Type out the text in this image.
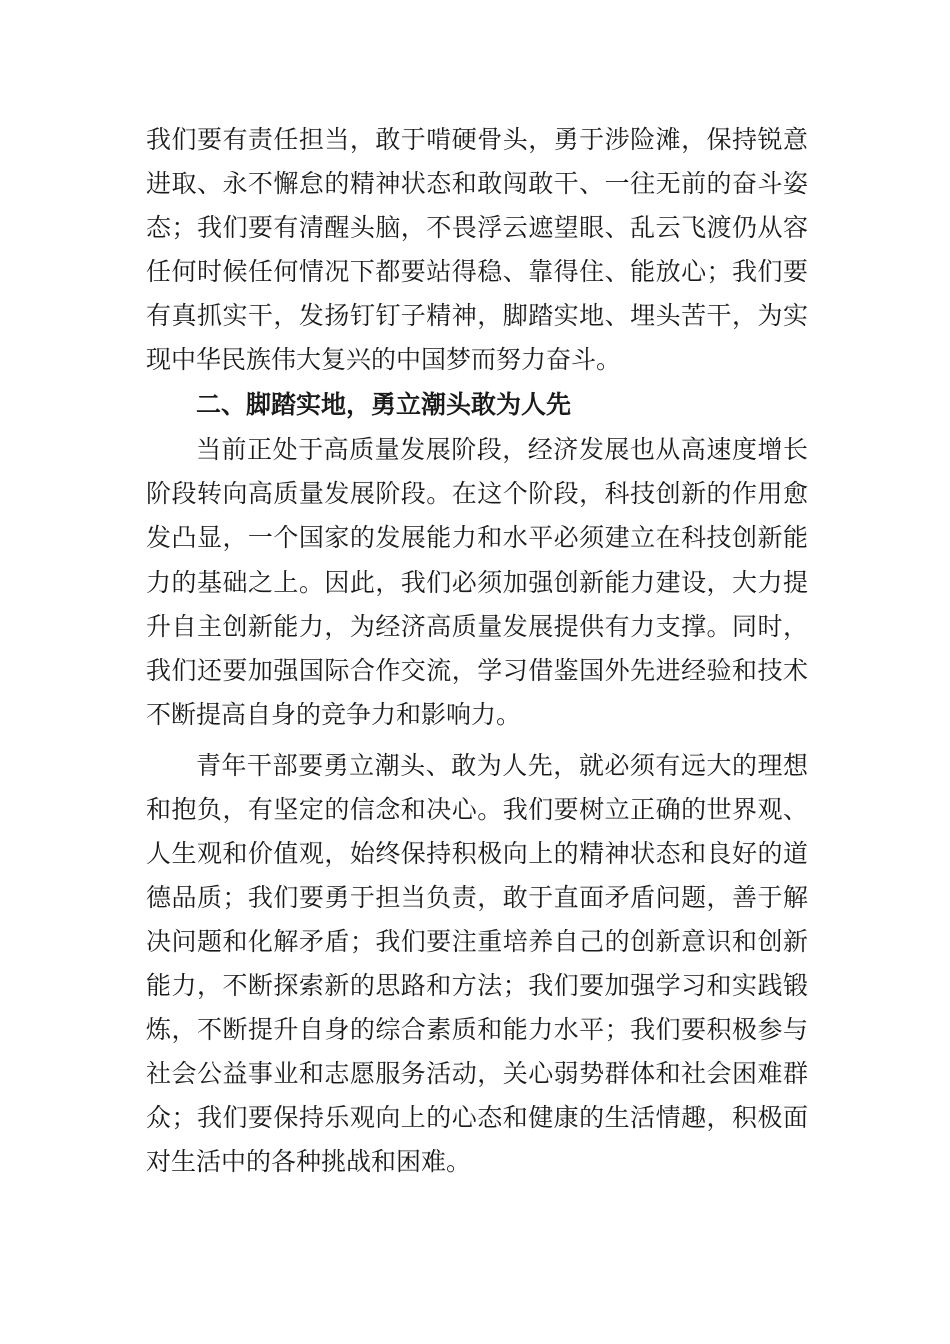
我们要有责任担当，敢于啃硬骨头，勇于涉险滩，保持锐意
进取、永不懈怠的精神状态和敢闯敢干、一往无前的奋斗姿
态；我们要有清醒头脑，不畏浮云遮望眼、乱云飞渡仍从容
任何时候任何情况下都要站得稳、靠得住、能放心；我们要
有真抓实干，发扬钉钉子精神，脚踏实地、埋头苦干，为实
现中华民族伟大复兴的中国梦而努力奋斗。
二、脚踏实地，勇立潮头敢为人先
当前正处于高质量发展阶段，经济发展也从高速度增长
阶段转向高质量发展阶段。在这个阶段，科技创新的作用愈
发凸显，一个国家的发展能力和水平必须建立在科技创新能
力的基础之上。因此，我们必须加强创新能力建设，大力提
升自主创新能力，为经济高质量发展提供有力支撑。同时，
我们还要加强国际合作交流，学习借鉴国外先进经验和技术
不断提高自身的竞争力和影响力。
青年干部要勇立潮头、敢为人先，就必须有远大的理想
和抱负，有坚定的信念和决心。我们要树立正确的世界观、
人生观和价值观，始终保持积极向上的精神状态和良好的道
德品质；我们要勇于担当负责，敢于直面矛盾问题，善于解
决问题和化解矛盾；我们要注重培养自己的创新意识和创新
能力，不断探索新的思路和方法；我们要加强学习和实践锻
炼，不断提升自身的综合素质和能力水平；我们要积极参与
社会公益事业和志愿服务活动，关心弱势群体和社会困难群
众；我们要保持乐观向上的心态和健康的生活情趣，积极面
对生活中的各种挑战和困难。
